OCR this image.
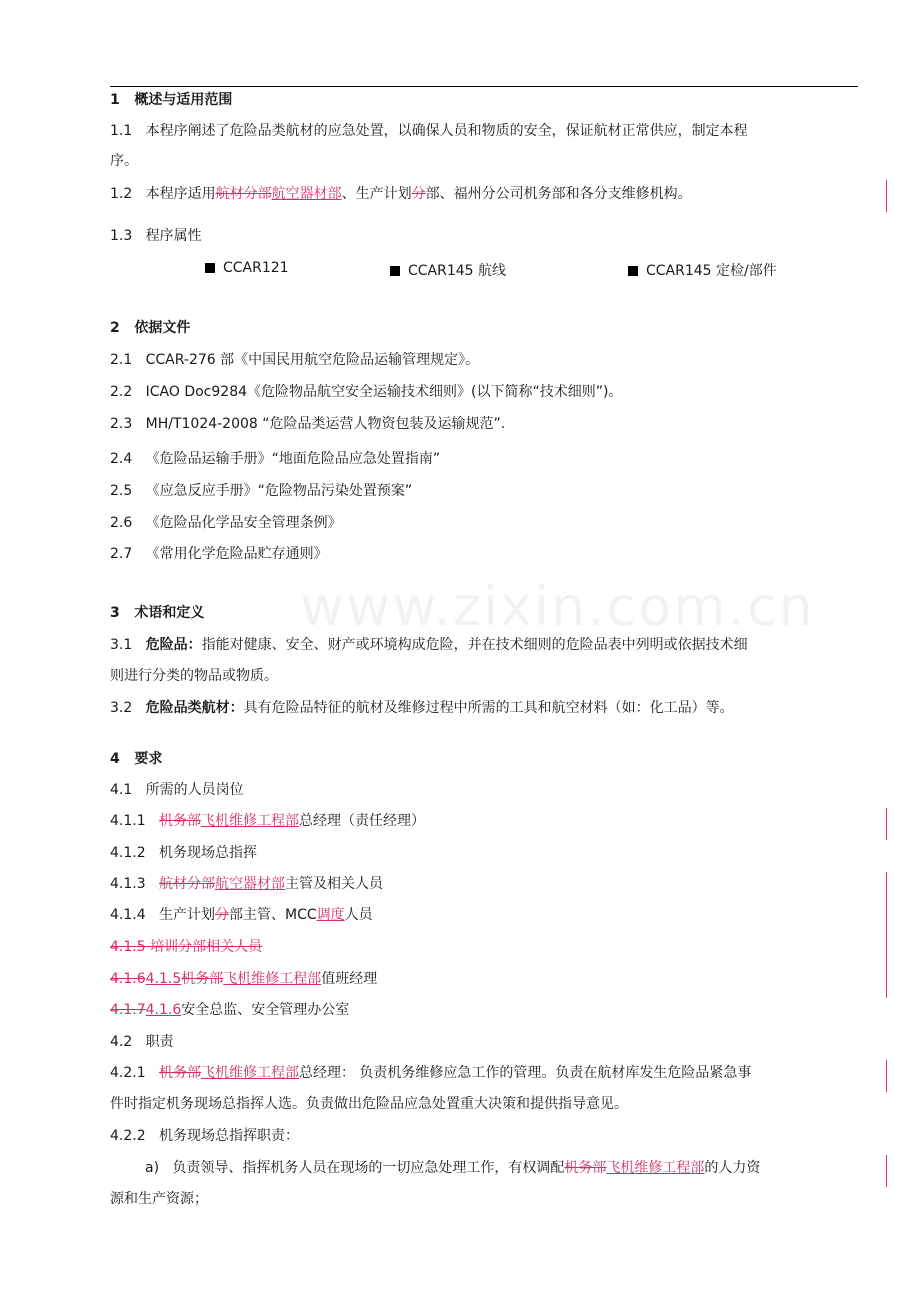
www.zixin.com.cn
1 概述与适用范围
1.1 本程序阐述了危险品类航材的应急处置，以确保人员和物质的安全，保证航材正常供应，制定本程
序。
1.2 本程序适用航材分部航空器材部、生产计划分部、福州分公司机务部和各分支维修机构。
1.3 程序属性
CCAR121	CCAR145 航线	CCAR145 定检/部件
2 依据文件
2.1 CCAR-276 部《中国民用航空危险品运输管理规定》。
2.2 ICAO Doc9284《危险物品航空安全运输技术细则》(以下简称“技术细则”)。
2.3 MH/T1024-2008 “危险品类运营人物资包装及运输规范”.
2.4 《危险品运输手册》“地面危险品应急处置指南”
2.5 《应急反应手册》“危险物品污染处置预案”
2.6 《危险品化学品安全管理条例》
2.7 《常用化学危险品贮存通则》
3 术语和定义
3.1 危险品：指能对健康、安全、财产或环境构成危险，并在技术细则的危险品表中列明或依据技术细
则进行分类的物品或物质。
3.2 危险品类航材：具有危险品特征的航材及维修过程中所需的工具和航空材料（如：化工品）等。
4 要求
4.1 所需的人员岗位
4.1.1 机务部飞机维修工程部总经理（责任经理）
4.1.2 机务现场总指挥
4.1.3 航材分部航空器材部主管及相关人员
4.1.4 生产计划分部主管、MCC调度人员
4.1.5 培训分部相关人员
4.1.64.1.5机务部飞机维修工程部值班经理
4.1.74.1.6安全总监、安全管理办公室
4.2 职责
4.2.1 机务部飞机维修工程部总经理： 负责机务维修应急工作的管理。负责在航材库发生危险品紧急事
件时指定机务现场总指挥人选。负责做出危险品应急处置重大决策和提供指导意见。
4.2.2 机务现场总指挥职责：
a) 负责领导、指挥机务人员在现场的一切应急处理工作，有权调配机务部飞机维修工程部的人力资
源和生产资源；
